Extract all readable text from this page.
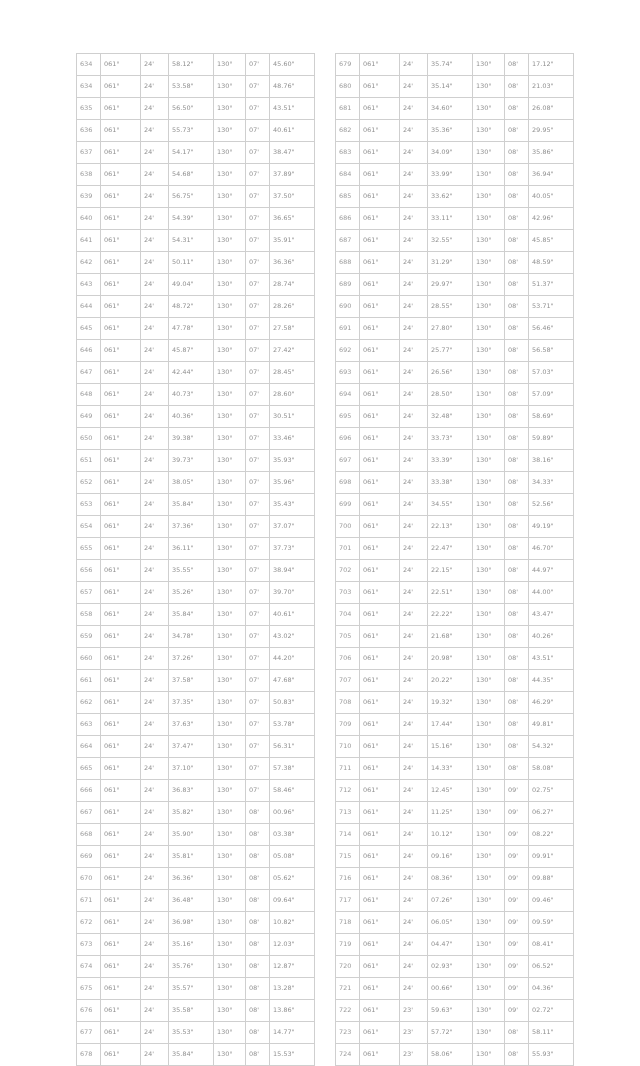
634	061°	24'	58.12"	130°	07'	45.60"
634	061°	24'	53.58"	130°	07'	48.76"
635	061°	24'	56.50"	130°	07'	43.51"
636	061°	24'	55.73"	130°	07'	40.61"
637	061°	24'	54.17"	130°	07'	38.47"
638	061°	24'	54.68"	130°	07'	37.89"
639	061°	24'	56.75"	130°	07'	37.50"
640	061°	24'	54.39"	130°	07'	36.65"
641	061°	24'	54.31"	130°	07'	35.91"
642	061°	24'	50.11"	130°	07'	36.36"
643	061°	24'	49.04"	130°	07'	28.74"
644	061°	24'	48.72"	130°	07'	28.26"
645	061°	24'	47.78"	130°	07'	27.58"
646	061°	24'	45.87"	130°	07'	27.42"
647	061°	24'	42.44"	130°	07'	28.45"
648	061°	24'	40.73"	130°	07'	28.60"
649	061°	24'	40.36"	130°	07'	30.51"
650	061°	24'	39.38"	130°	07'	33.46"
651	061°	24'	39.73"	130°	07'	35.93"
652	061°	24'	38.05"	130°	07'	35.96"
653	061°	24'	35.84"	130°	07'	35.43"
654	061°	24'	37.36"	130°	07'	37.07"
655	061°	24'	36.11"	130°	07'	37.73"
656	061°	24'	35.55"	130°	07'	38.94"
657	061°	24'	35.26"	130°	07'	39.70"
658	061°	24'	35.84"	130°	07'	40.61"
659	061°	24'	34.78"	130°	07'	43.02"
660	061°	24'	37.26"	130°	07'	44.20"
661	061°	24'	37.58"	130°	07'	47.68"
662	061°	24'	37.35"	130°	07'	50.83"
663	061°	24'	37.63"	130°	07'	53.78"
664	061°	24'	37.47"	130°	07'	56.31"
665	061°	24'	37.10"	130°	07'	57.38"
666	061°	24'	36.83"	130°	07'	58.46"
667	061°	24'	35.82"	130°	08'	00.96"
668	061°	24'	35.90"	130°	08'	03.38"
669	061°	24'	35.81"	130°	08'	05.08"
670	061°	24'	36.36"	130°	08'	05.62"
671	061°	24'	36.48"	130°	08'	09.64"
672	061°	24'	36.98"	130°	08'	10.82"
673	061°	24'	35.16"	130°	08'	12.03"
674	061°	24'	35.76"	130°	08'	12.87"
675	061°	24'	35.57"	130°	08'	13.28"
676	061°	24'	35.58"	130°	08'	13.86"
677	061°	24'	35.53"	130°	08'	14.77"
678	061°	24'	35.84"	130°	08'	15.53"
679	061°	24'	35.74"	130°	08'	17.12"
680	061°	24'	35.14"	130°	08'	21.03"
681	061°	24'	34.60"	130°	08'	26.08"
682	061°	24'	35.36"	130°	08'	29.95"
683	061°	24'	34.09"	130°	08'	35.86"
684	061°	24'	33.99"	130°	08'	36.94"
685	061°	24'	33.62"	130°	08'	40.05"
686	061°	24'	33.11"	130°	08'	42.96"
687	061°	24'	32.55"	130°	08'	45.85"
688	061°	24'	31.29"	130°	08'	48.59"
689	061°	24'	29.97"	130°	08'	51.37"
690	061°	24'	28.55"	130°	08'	53.71"
691	061°	24'	27.80"	130°	08'	56.46"
692	061°	24'	25.77"	130°	08'	56.58"
693	061°	24'	26.56"	130°	08'	57.03"
694	061°	24'	28.50"	130°	08'	57.09"
695	061°	24'	32.48"	130°	08'	58.69"
696	061°	24'	33.73"	130°	08'	59.89"
697	061°	24'	33.39"	130°	08'	38.16"
698	061°	24'	33.38"	130°	08'	34.33"
699	061°	24'	34.55"	130°	08'	52.56"
700	061°	24'	22.13"	130°	08'	49.19"
701	061°	24'	22.47"	130°	08'	46.70"
702	061°	24'	22.15"	130°	08'	44.97"
703	061°	24'	22.51"	130°	08'	44.00"
704	061°	24'	22.22"	130°	08'	43.47"
705	061°	24'	21.68"	130°	08'	40.26"
706	061°	24'	20.98"	130°	08'	43.51"
707	061°	24'	20.22"	130°	08'	44.35"
708	061°	24'	19.32"	130°	08'	46.29"
709	061°	24'	17.44"	130°	08'	49.81"
710	061°	24'	15.16"	130°	08'	54.32"
711	061°	24'	14.33"	130°	08'	58.08"
712	061°	24'	12.45"	130°	09'	02.75"
713	061°	24'	11.25"	130°	09'	06.27"
714	061°	24'	10.12"	130°	09'	08.22"
715	061°	24'	09.16"	130°	09'	09.91"
716	061°	24'	08.36"	130°	09'	09.88"
717	061°	24'	07.26"	130°	09'	09.46"
718	061°	24'	06.05"	130°	09'	09.59"
719	061°	24'	04.47"	130°	09'	08.41"
720	061°	24'	02.93"	130°	09'	06.52"
721	061°	24'	00.66"	130°	09'	04.36"
722	061°	23'	59.63"	130°	09'	02.72"
723	061°	23'	57.72"	130°	08'	58.11"
724	061°	23'	58.06"	130°	08'	55.93"
